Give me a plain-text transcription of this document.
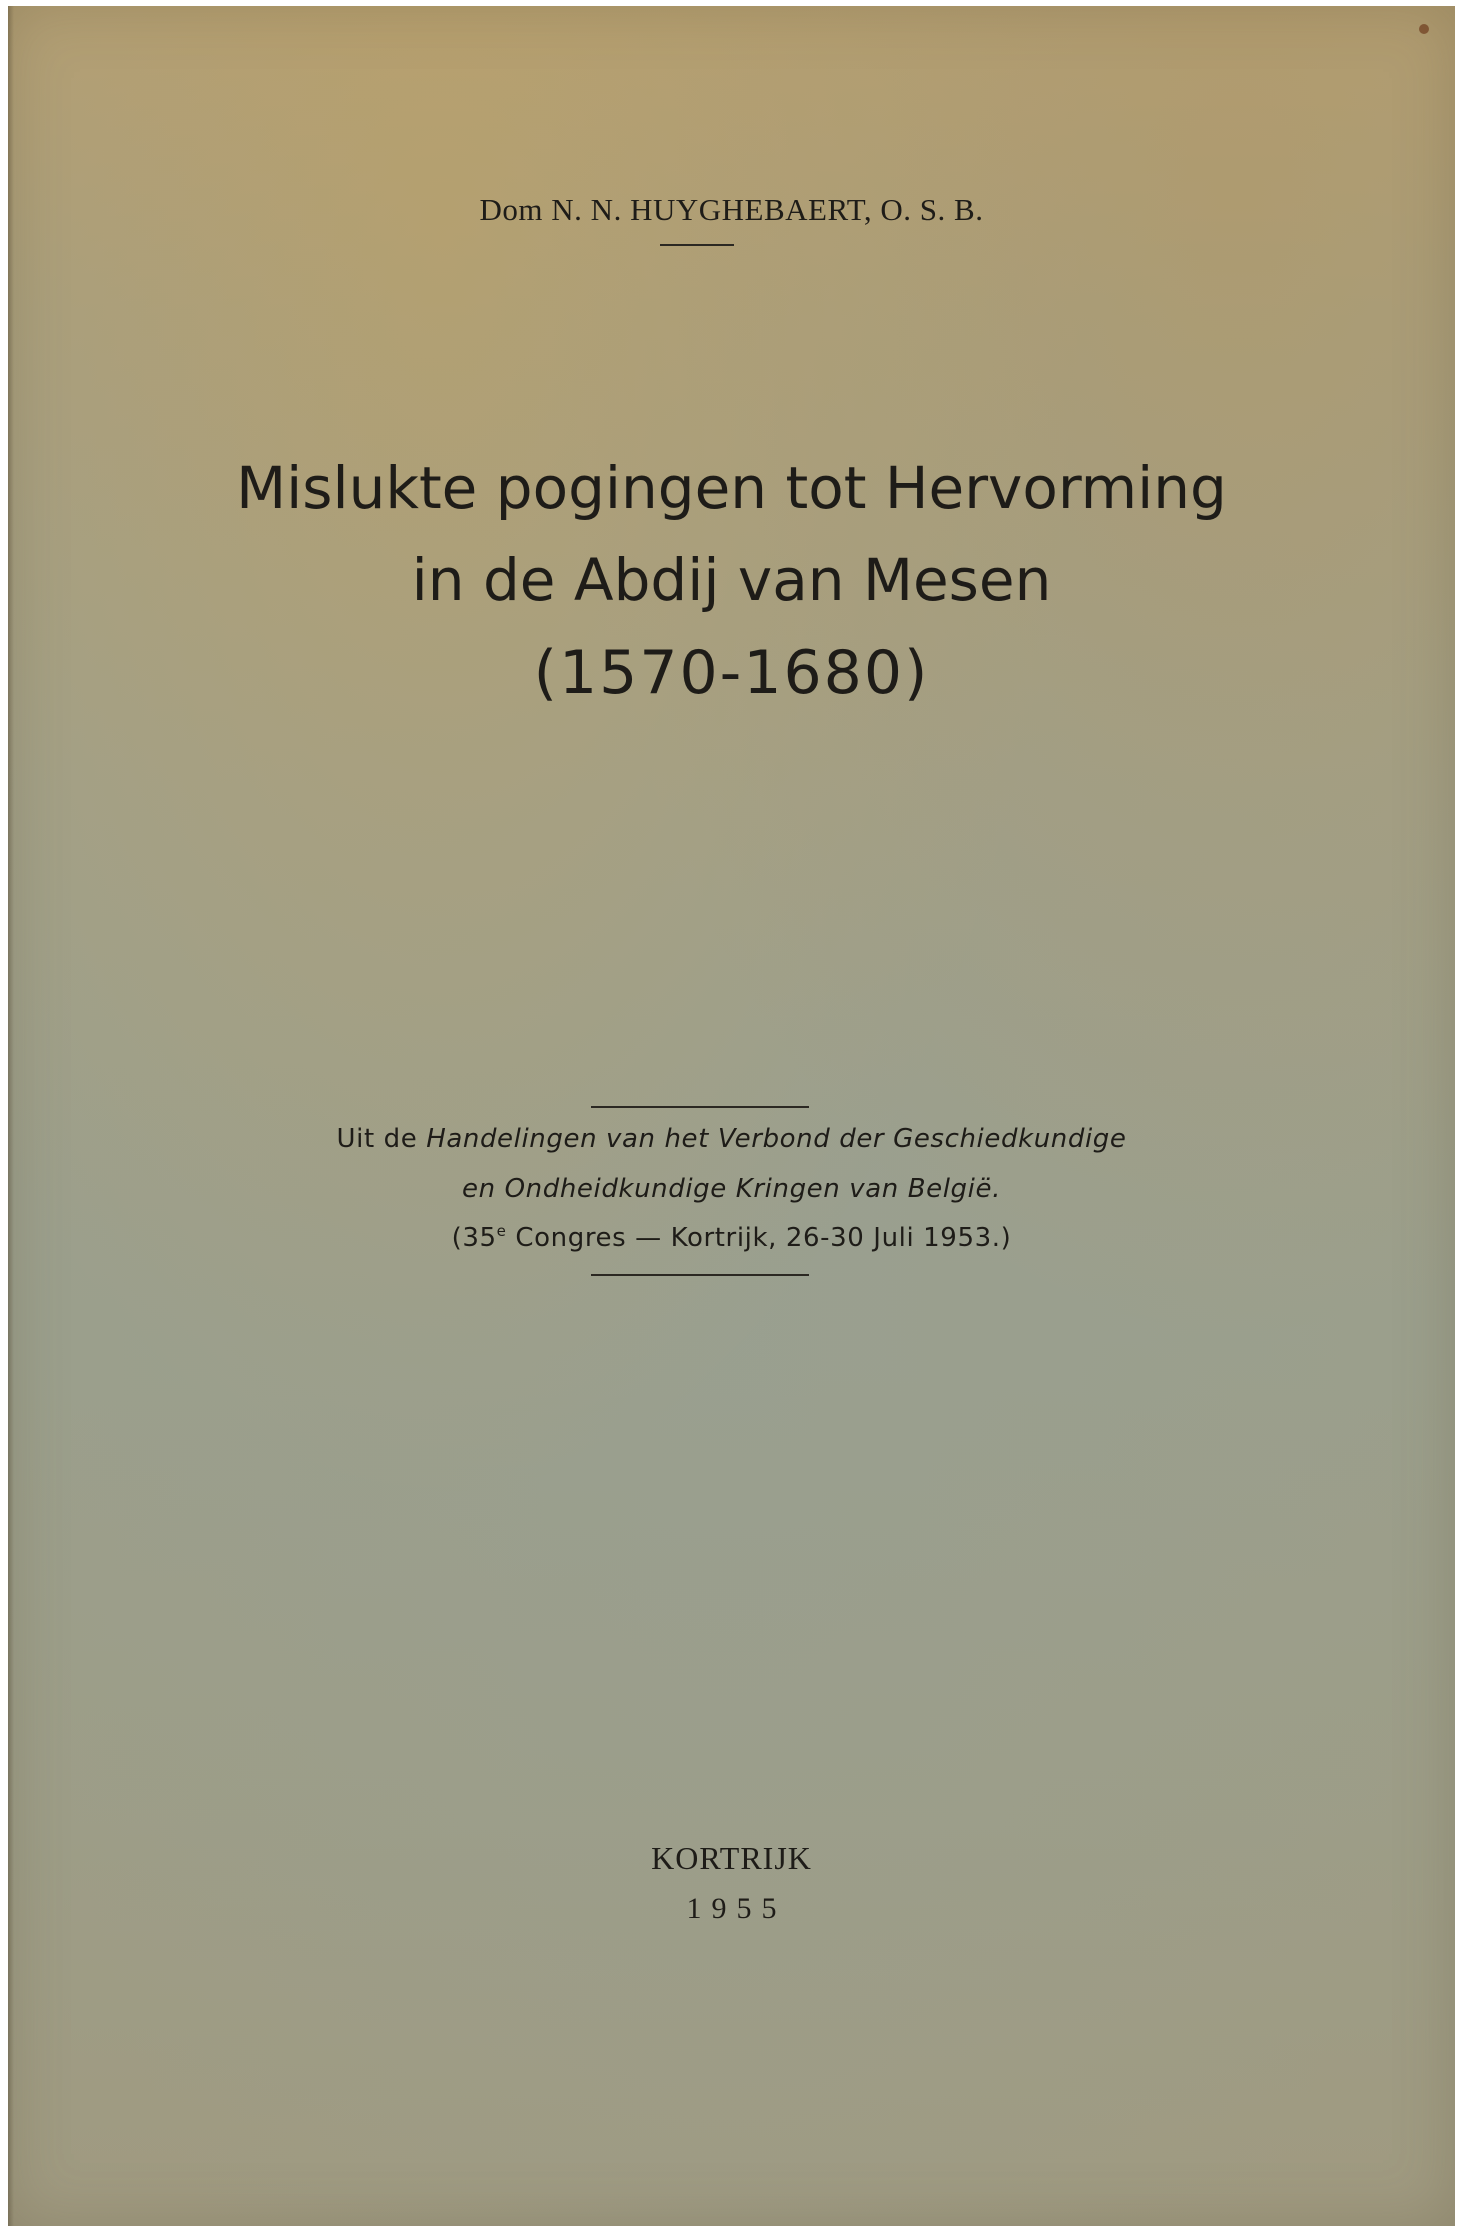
Dom N. N. HUYGHEBAERT, O. S. B.
Mislukte pogingen tot Hervorming
in de Abdij van Mesen
(1570-1680)
Uit de Handelingen van het Verbond der Geschiedkundige
en Ondheidkundige Kringen van België.
(35e Congres — Kortrijk, 26-30 Juli 1953.)
KORTRIJK
1955
